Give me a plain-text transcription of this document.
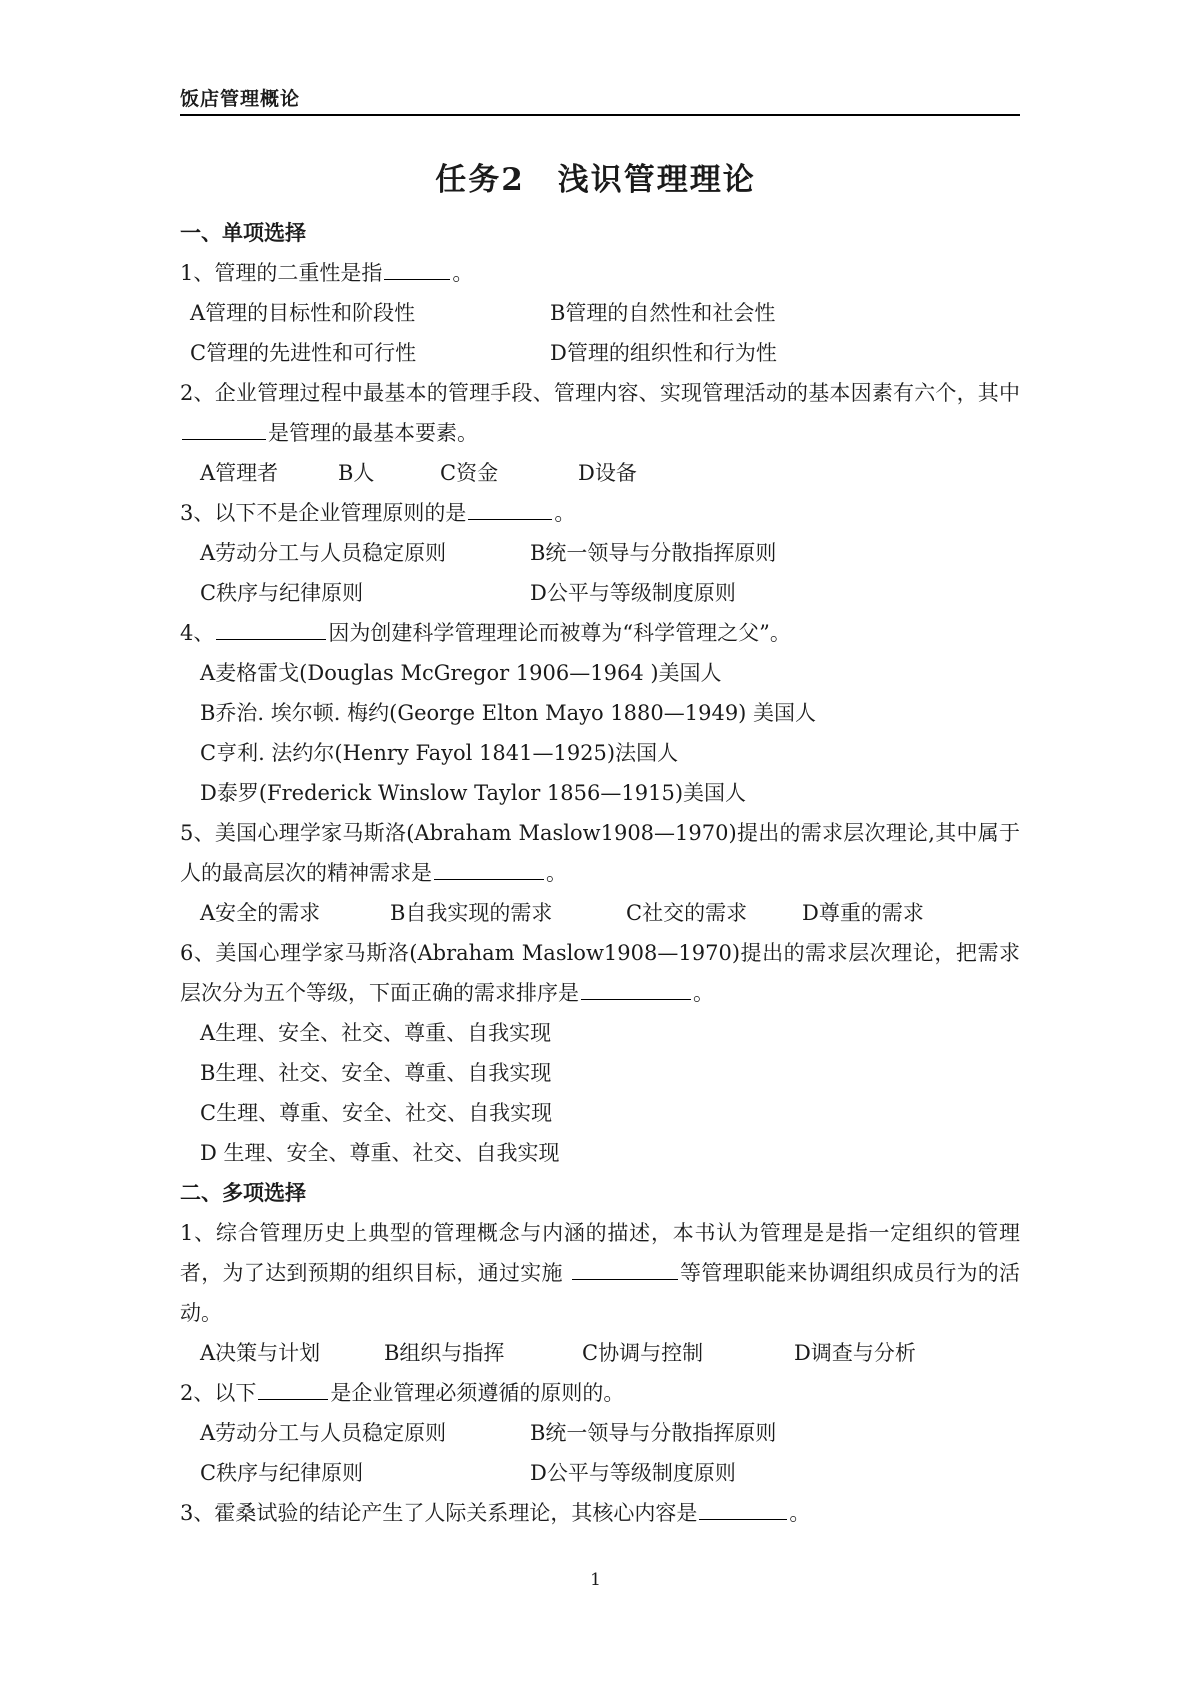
饭店管理概论
任务2　浅识管理理论
一、单项选择
1、管理的二重性是指	。
A管理的目标性和阶段性	B管理的自然性和社会性
C管理的先进性和可行性	D管理的组织性和行为性
2、企业管理过程中最基本的管理手段、管理内容、实现管理活动的基本因素有六个，其中是管理的最基本要素。
A管理者	B人	C资金	D设备
3、以下不是企业管理原则的是	。
A劳动分工与人员稳定原则	B统一领导与分散指挥原则
C秩序与纪律原则	D公平与等级制度原则
4、	因为创建科学管理理论而被尊为“科学管理之父”。
A麦格雷戈(Douglas McGregor 1906—1964 )美国人
B乔治. 埃尔顿. 梅约(George Elton Mayo 1880—1949) 美国人
C亨利. 法约尔(Henry Fayol 1841—1925)法国人
D泰罗(Frederick Winslow Taylor 1856—1915)美国人
5、美国心理学家马斯洛(Abraham Maslow1908—1970)提出的需求层次理论,其中属于人的最高层次的精神需求是	。
A安全的需求	B自我实现的需求	C社交的需求	D尊重的需求
6、美国心理学家马斯洛(Abraham Maslow1908—1970)提出的需求层次理论，把需求层次分为五个等级，下面正确的需求排序是	。
A生理、安全、社交、尊重、自我实现
B生理、社交、安全、尊重、自我实现
C生理、尊重、安全、社交、自我实现
D 生理、安全、尊重、社交、自我实现
二、多项选择
1、综合管理历史上典型的管理概念与内涵的描述，本书认为管理是是指一定组织的管理者，为了达到预期的组织目标，通过实施	等管理职能来协调组织成员行为的活动。
A决策与计划	B组织与指挥	C协调与控制	D调查与分析
2、以下	是企业管理必须遵循的原则的。
A劳动分工与人员稳定原则	B统一领导与分散指挥原则
C秩序与纪律原则	D公平与等级制度原则
3、霍桑试验的结论产生了人际关系理论，其核心内容是	。
1
